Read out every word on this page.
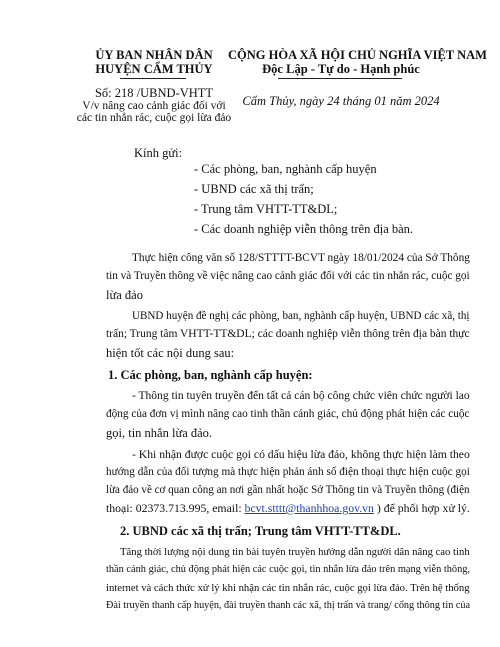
ỦY BAN NHÂN DÂN
HUYỆN CẨM THỦY
Số: 218 /UBND-VHTT
V/v nâng cao cảnh giác đối với
các tin nhắn rác, cuộc gọi lừa đảo
CỘNG HÒA XÃ HỘI CHỦ NGHĨA VIỆT NAM
Độc Lập - Tự do - Hạnh phúc
Cẩm Thủy, ngày 24 tháng 01 năm 2024
Kính gửi:
- Các phòng, ban, nghành cấp huyện
- UBND các xã thị trấn;
- Trung tâm VHTT-TT&DL;
- Các doanh nghiệp viễn thông trên địa bàn.
Thực hiện công văn số 128/STTTT-BCVT ngày 18/01/2024 của Sở Thông
tin và Truyền thông về việc nâng cao cảnh giác đối với các tin nhắn rác, cuộc gọi
lừa đảo
UBND huyện đề nghị các phòng, ban, nghành cấp huyện, UBND các xã, thị
trấn; Trung tâm VHTT-TT&DL; các doanh nghiệp viễn thông trên địa bàn thực
hiện tốt các nội dung sau:
1. Các phòng, ban, nghành cấp huyện:
- Thông tin tuyên truyền đến tất cả cán bộ công chức viên chức người lao
động của đơn vị mình nâng cao tinh thần cảnh giác, chủ động phát hiện các cuộc
gọi, tin nhắn lừa đảo.
- Khi nhận được cuộc gọi có dấu hiệu lừa đảo, không thực hiện làm theo
hướng dẫn của đối tượng mà thực hiện phản ánh số điện thoại thực hiện cuộc gọi
lừa đảo về cơ quan công an nơi gần nhất hoặc Sở Thông tin và Truyền thông (điện
thoại: 02373.713.995, email: bcvt.stttt@thanhhoa.gov.vn ) để phối hợp xử lý.
2. UBND các xã thị trấn; Trung tâm VHTT-TT&DL.
Tăng thời lượng nội dung tin bài tuyên truyền hướng dẫn người dân nâng cao tinh
thần cảnh giác, chủ động phát hiện các cuộc gọi, tin nhắn lừa đảo trên mạng viễn thông,
internet và cách thức xử lý khi nhận các tin nhắn rác, cuộc gọi lừa đảo. Trên hệ thống
Đài truyền thanh cấp huyện, đài truyền thanh các xã, thị trấn và trang/ cổng thông tin của
